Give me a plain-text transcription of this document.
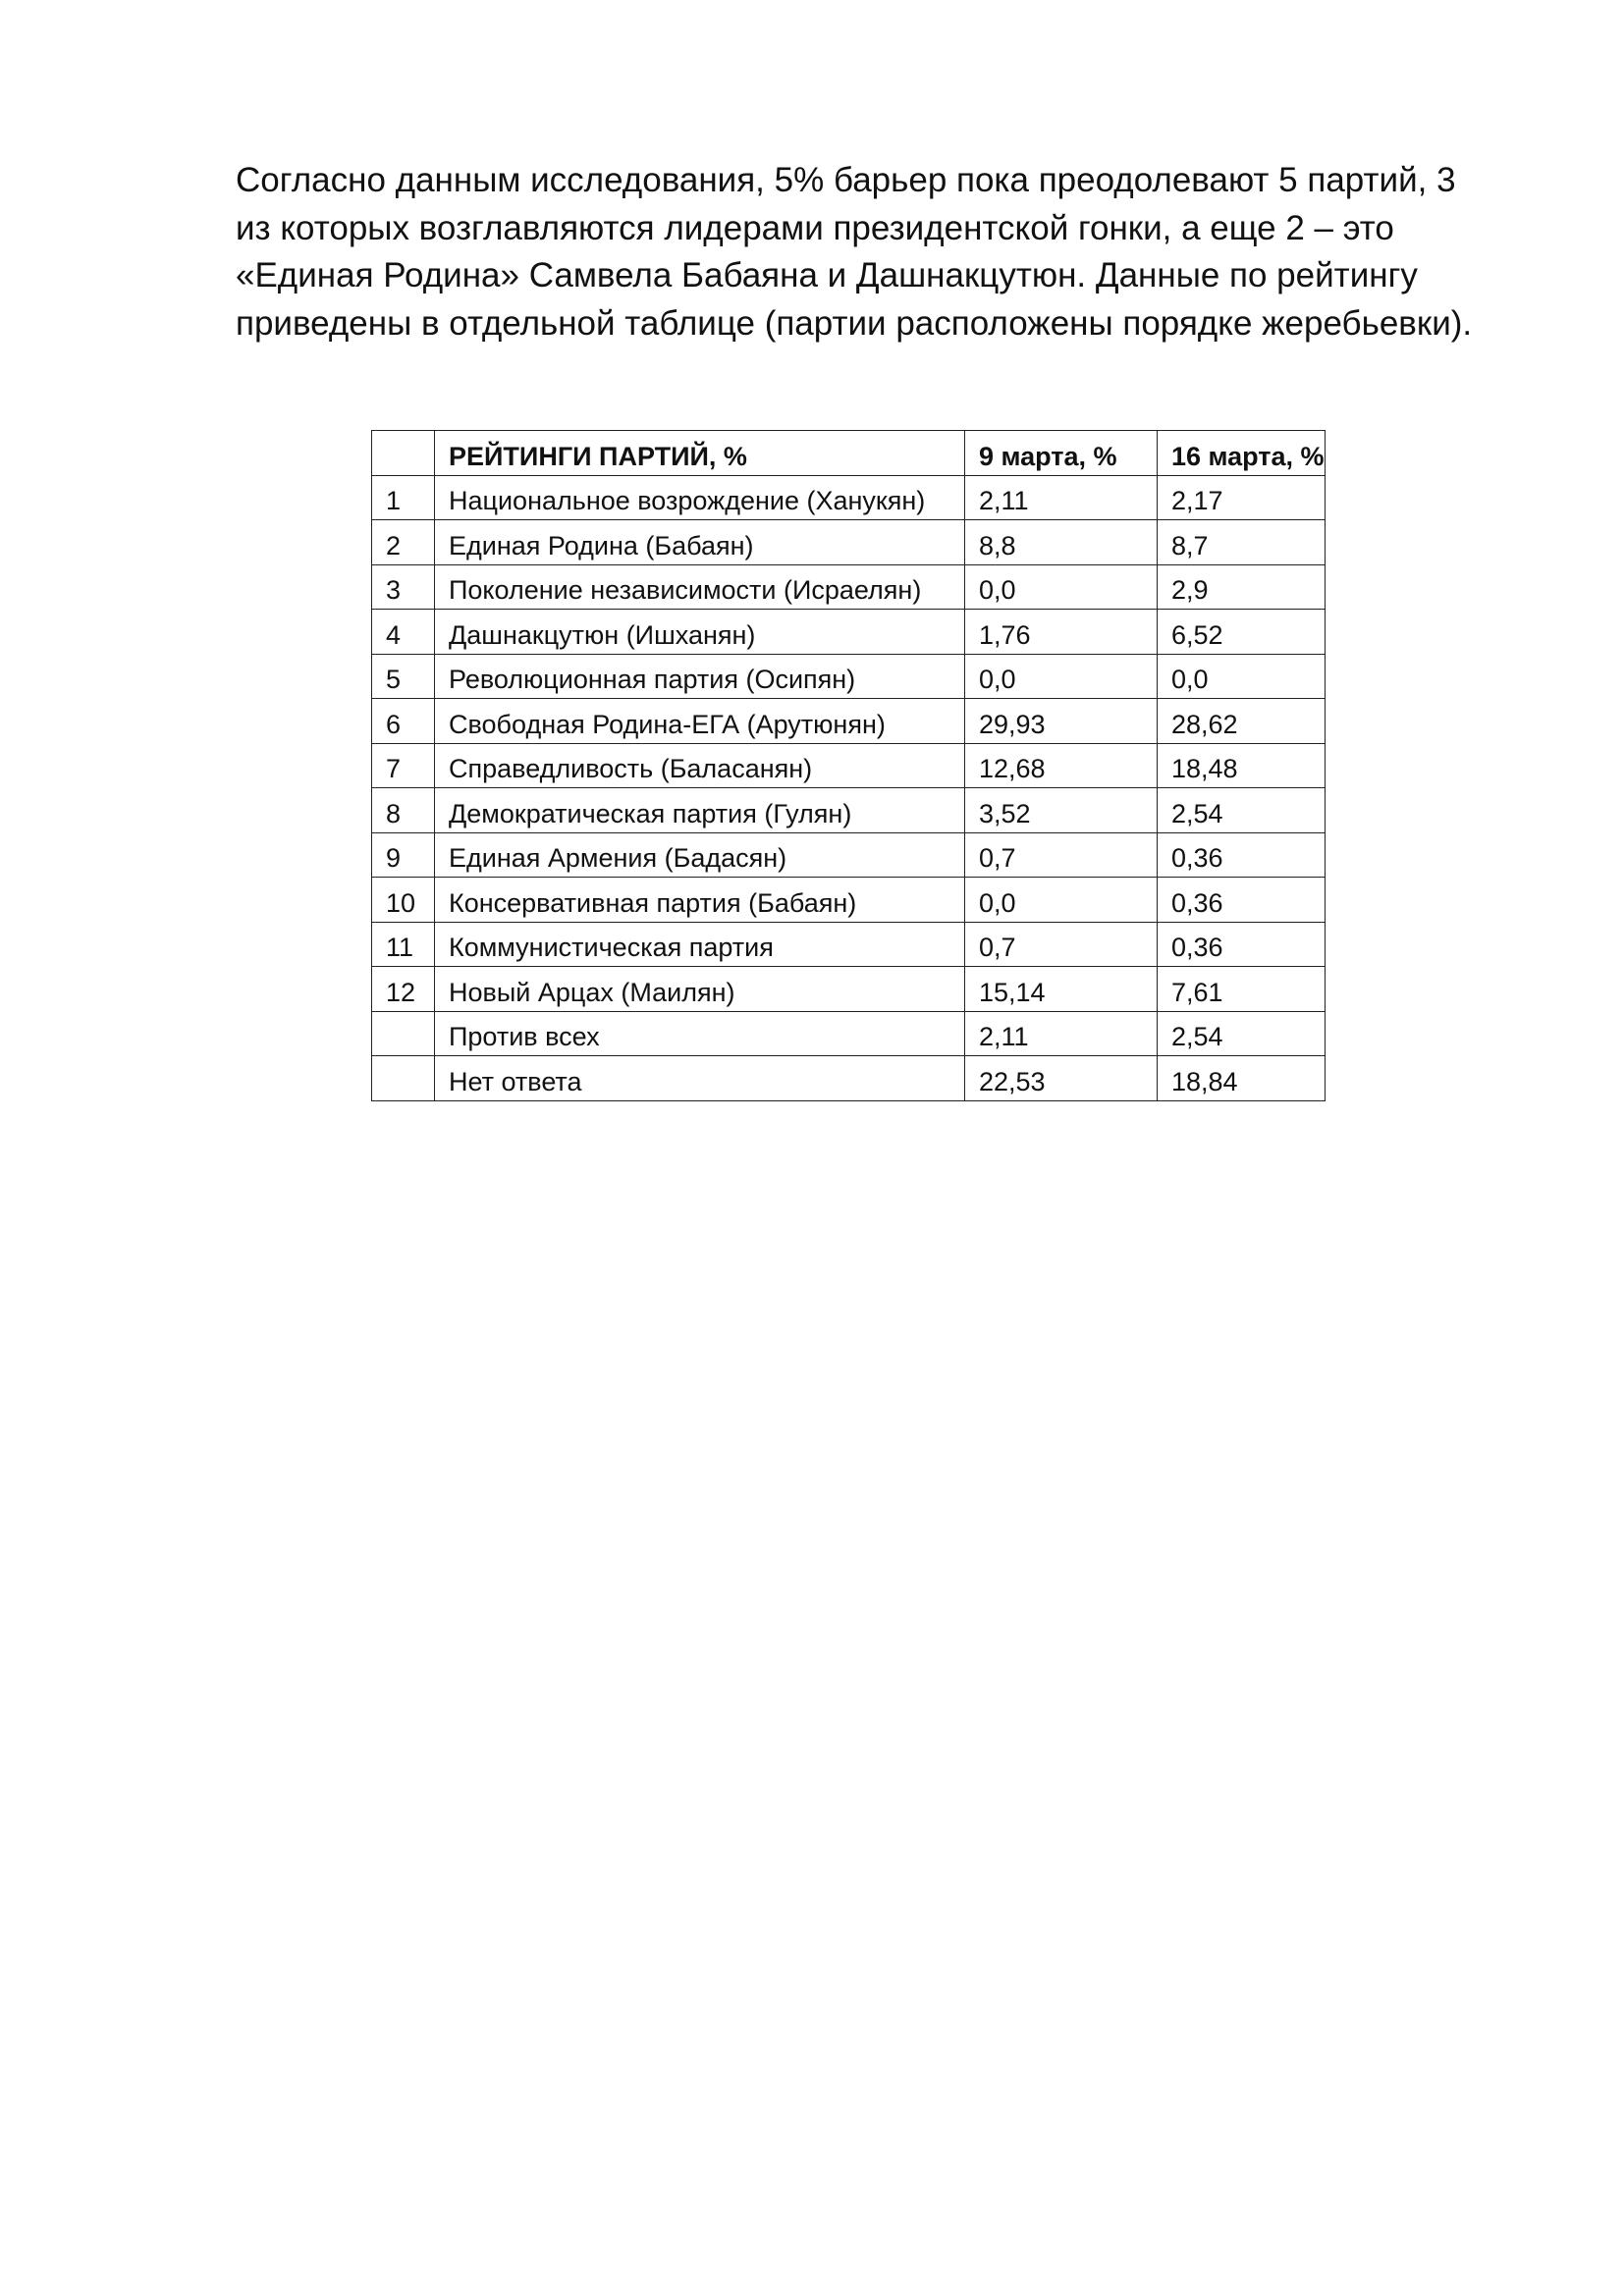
Согласно данным исследования, 5% барьер пока преодолевают 5 партий, 3 из которых возглавляются лидерами президентской гонки, а еще 2 – это «Единая Родина» Самвела Бабаяна и Дашнакцутюн. Данные по рейтингу приведены в отдельной таблице (партии расположены порядке жеребьевки).

	РЕЙТИНГИ ПАРТИЙ, %	9 марта, %	16 марта, %
1	Национальное возрождение (Ханукян)	2,11	2,17
2	Единая Родина (Бабаян)	8,8	8,7
3	Поколение независимости (Исраелян)	0,0	2,9
4	Дашнакцутюн (Ишханян)	1,76	6,52
5	Революционная партия (Осипян)	0,0	0,0
6	Свободная Родина-ЕГА (Арутюнян)	29,93	28,62
7	Справедливость (Баласанян)	12,68	18,48
8	Демократическая партия (Гулян)	3,52	2,54
9	Единая Армения (Бадасян)	0,7	0,36
10	Консервативная партия (Бабаян)	0,0	0,36
11	Коммунистическая партия	0,7	0,36
12	Новый Арцах (Маилян)	15,14	7,61
	Против всех	2,11	2,54
	Нет ответа	22,53	18,84
